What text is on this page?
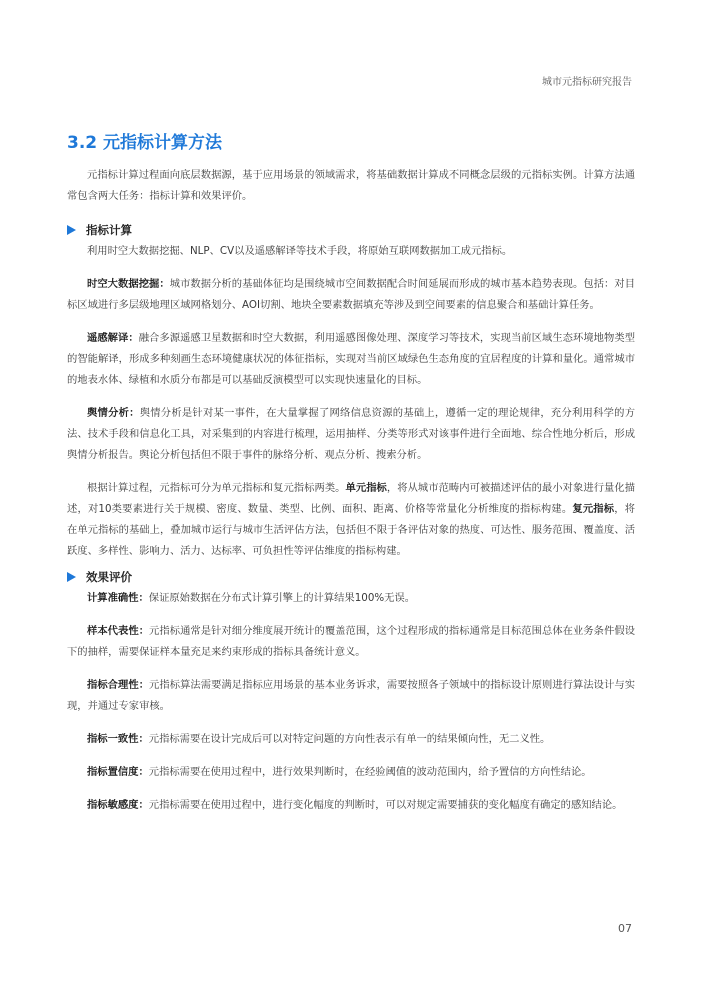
城市元指标研究报告
3.2 元指标计算方法

元指标计算过程面向底层数据源，基于应用场景的领域需求，将基础数据计算成不同概念层级的元指标实例。计算方法通常包含两大任务：指标计算和效果评价。

指标计算

利用时空大数据挖掘、NLP、CV以及遥感解译等技术手段，将原始互联网数据加工成元指标。

时空大数据挖掘：城市数据分析的基础体征均是围绕城市空间数据配合时间延展而形成的城市基本趋势表现。包括：对目标区域进行多层级地理区域网格划分、AOI切割、地块全要素数据填充等涉及到空间要素的信息聚合和基础计算任务。

遥感解译：融合多源遥感卫星数据和时空大数据，利用遥感图像处理、深度学习等技术，实现当前区域生态环境地物类型的智能解译，形成多种刻画生态环境健康状况的体征指标，实现对当前区域绿色生态角度的宜居程度的计算和量化。通常城市的地表水体、绿植和水质分布都是可以基础反演模型可以实现快速量化的目标。

舆情分析：舆情分析是针对某一事件，在大量掌握了网络信息资源的基础上，遵循一定的理论规律，充分利用科学的方法、技术手段和信息化工具，对采集到的内容进行梳理，运用抽样、分类等形式对该事件进行全面地、综合性地分析后，形成舆情分析报告。舆论分析包括但不限于事件的脉络分析、观点分析、搜索分析。

根据计算过程，元指标可分为单元指标和复元指标两类。单元指标，将从城市范畴内可被描述评估的最小对象进行量化描述，对10类要素进行关于规模、密度、数量、类型、比例、面积、距离、价格等常量化分析维度的指标构建。复元指标，将在单元指标的基础上，叠加城市运行与城市生活评估方法，包括但不限于各评估对象的热度、可达性、服务范围、覆盖度、活跃度、多样性、影响力、活力、达标率、可负担性等评估维度的指标构建。

效果评价

计算准确性：保证原始数据在分布式计算引擎上的计算结果100%无误。

样本代表性：元指标通常是针对细分维度展开统计的覆盖范围，这个过程形成的指标通常是目标范围总体在业务条件假设下的抽样，需要保证样本量充足来约束形成的指标具备统计意义。

指标合理性：元指标算法需要满足指标应用场景的基本业务诉求，需要按照各子领域中的指标设计原则进行算法设计与实现，并通过专家审核。

指标一致性：元指标需要在设计完成后可以对特定问题的方向性表示有单一的结果倾向性，无二义性。

指标置信度：元指标需要在使用过程中，进行效果判断时，在经验阈值的波动范围内，给予置信的方向性结论。

指标敏感度：元指标需要在使用过程中，进行变化幅度的判断时，可以对规定需要捕获的变化幅度有确定的感知结论。

07
